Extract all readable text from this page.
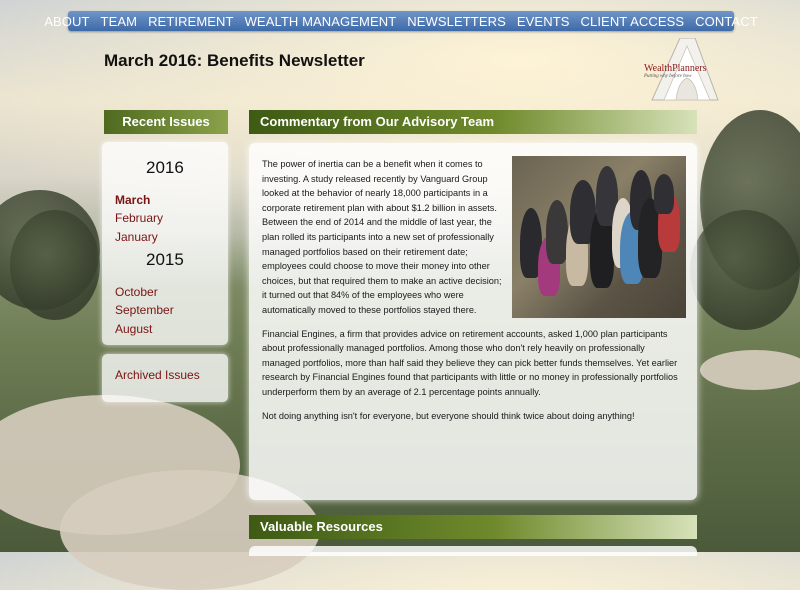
ABOUT TEAM RETIREMENT WEALTH MANAGEMENT NEWSLETTERS EVENTS CLIENT ACCESS CONTACT
March 2016: Benefits Newsletter	WealthPlanners
Putting why before how
Recent Issues
2016
March
February
January
2015
October
September
August
Archived Issues
Commentary from Our Advisory Team

The power of inertia can be a benefit when it comes to investing. A study released recently by Vanguard Group looked at the behavior of nearly 18,000 participants in a corporate retirement plan with about $1.2 billion in assets. Between the end of 2014 and the middle of last year, the plan rolled its participants into a new set of professionally managed portfolios based on their retirement date; employees could choose to move their money into other choices, but that required them to make an active decision; it turned out that 84% of the employees who were automatically moved to these portfolios stayed there.

Financial Engines, a firm that provides advice on retirement accounts, asked 1,000 plan participants about professionally managed portfolios. Among those who don't rely heavily on professionally managed portfolios, more than half said they believe they can pick better funds themselves. Yet earlier research by Financial Engines found that participants with little or no money in professionally portfolios underperform them by an average of 2.1 percentage points annually.

Not doing anything isn't for everyone, but everyone should think twice about doing anything!

Valuable Resources
